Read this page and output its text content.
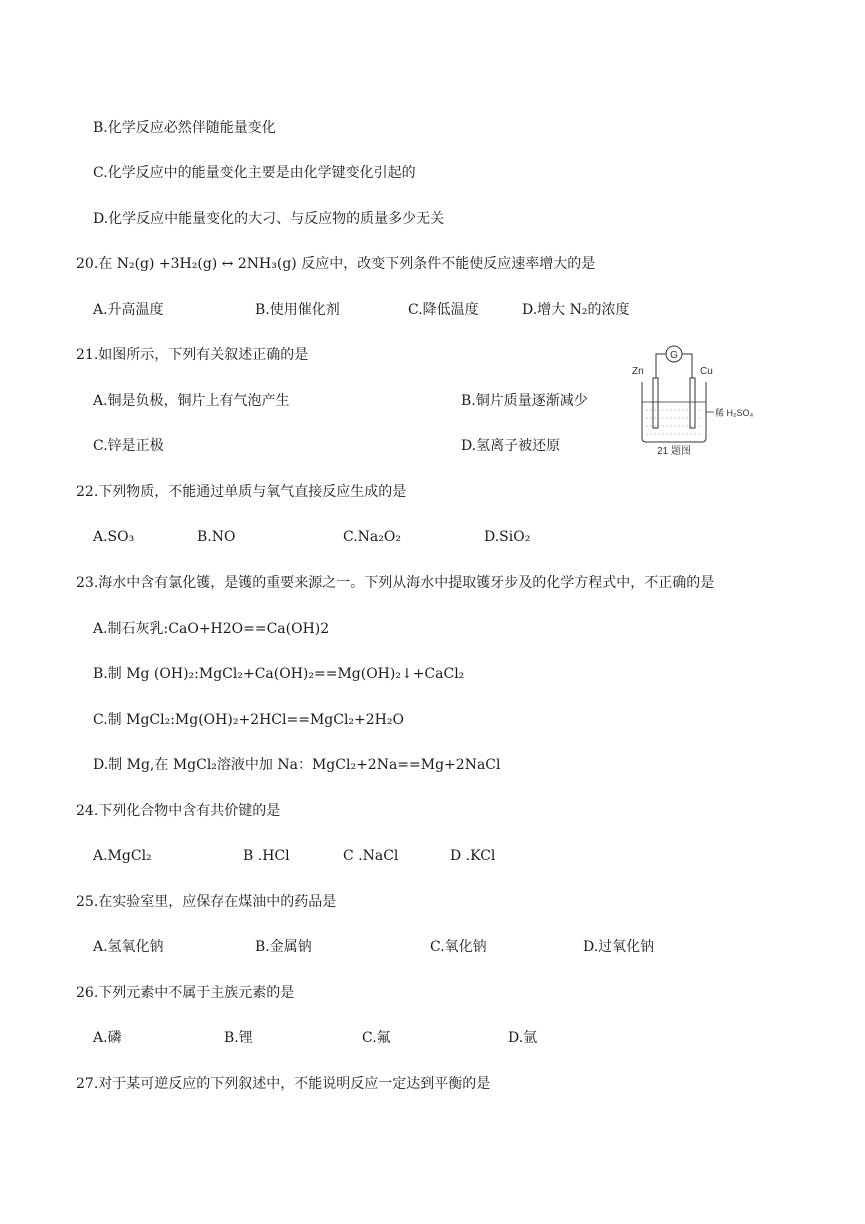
B.化学反应必然伴随能量变化
C.化学反应中的能量变化主要是由化学键变化引起的
D.化学反应中能量变化的大刁、与反应物的质量多少无关
20.在 N₂(g) +3H₂(g) ↔ 2NH₃(g) 反应中，改变下列条件不能使反应速率增大的是
A.升高温度	B.使用催化剂	C.降低温度	D.增大 N₂的浓度
21.如图所示，下列有关叙述正确的是
A.铜是负极，铜片上有气泡产生	B.铜片质量逐渐减少
C.锌是正极	D.氢离子被还原
G
Zn	Cu
稀 H₂SO₄
21 题图
22.下列物质，不能通过单质与氧气直接反应生成的是
A.SO₃	B.NO	C.Na₂O₂	D.SiO₂
23.海水中含有氯化镬，是镬的重要来源之一。下列从海水中提取镬牙步及的化学方程式中，不正确的是
A.制石灰乳:CaO+H2O==Ca(OH)2
B.制 Mg (OH)₂:MgCl₂+Ca(OH)₂==Mg(OH)₂↓+CaCl₂
C.制 MgCl₂:Mg(OH)₂+2HCl==MgCl₂+2H₂O
D.制 Mg,在 MgCl₂溶液中加 Na：MgCl₂+2Na==Mg+2NaCl
24.下列化合物中含有共价键的是
A.MgCl₂	B .HCl	C .NaCl	D .KCl
25.在实验室里，应保存在煤油中的药品是
A.氢氧化钠	B.金属钠	C.氧化钠	D.过氧化钠
26.下列元素中不属于主族元素的是
A.磷	B.锂	C.氟	D.氩
27.对于某可逆反应的下列叙述中，不能说明反应一定达到平衡的是
